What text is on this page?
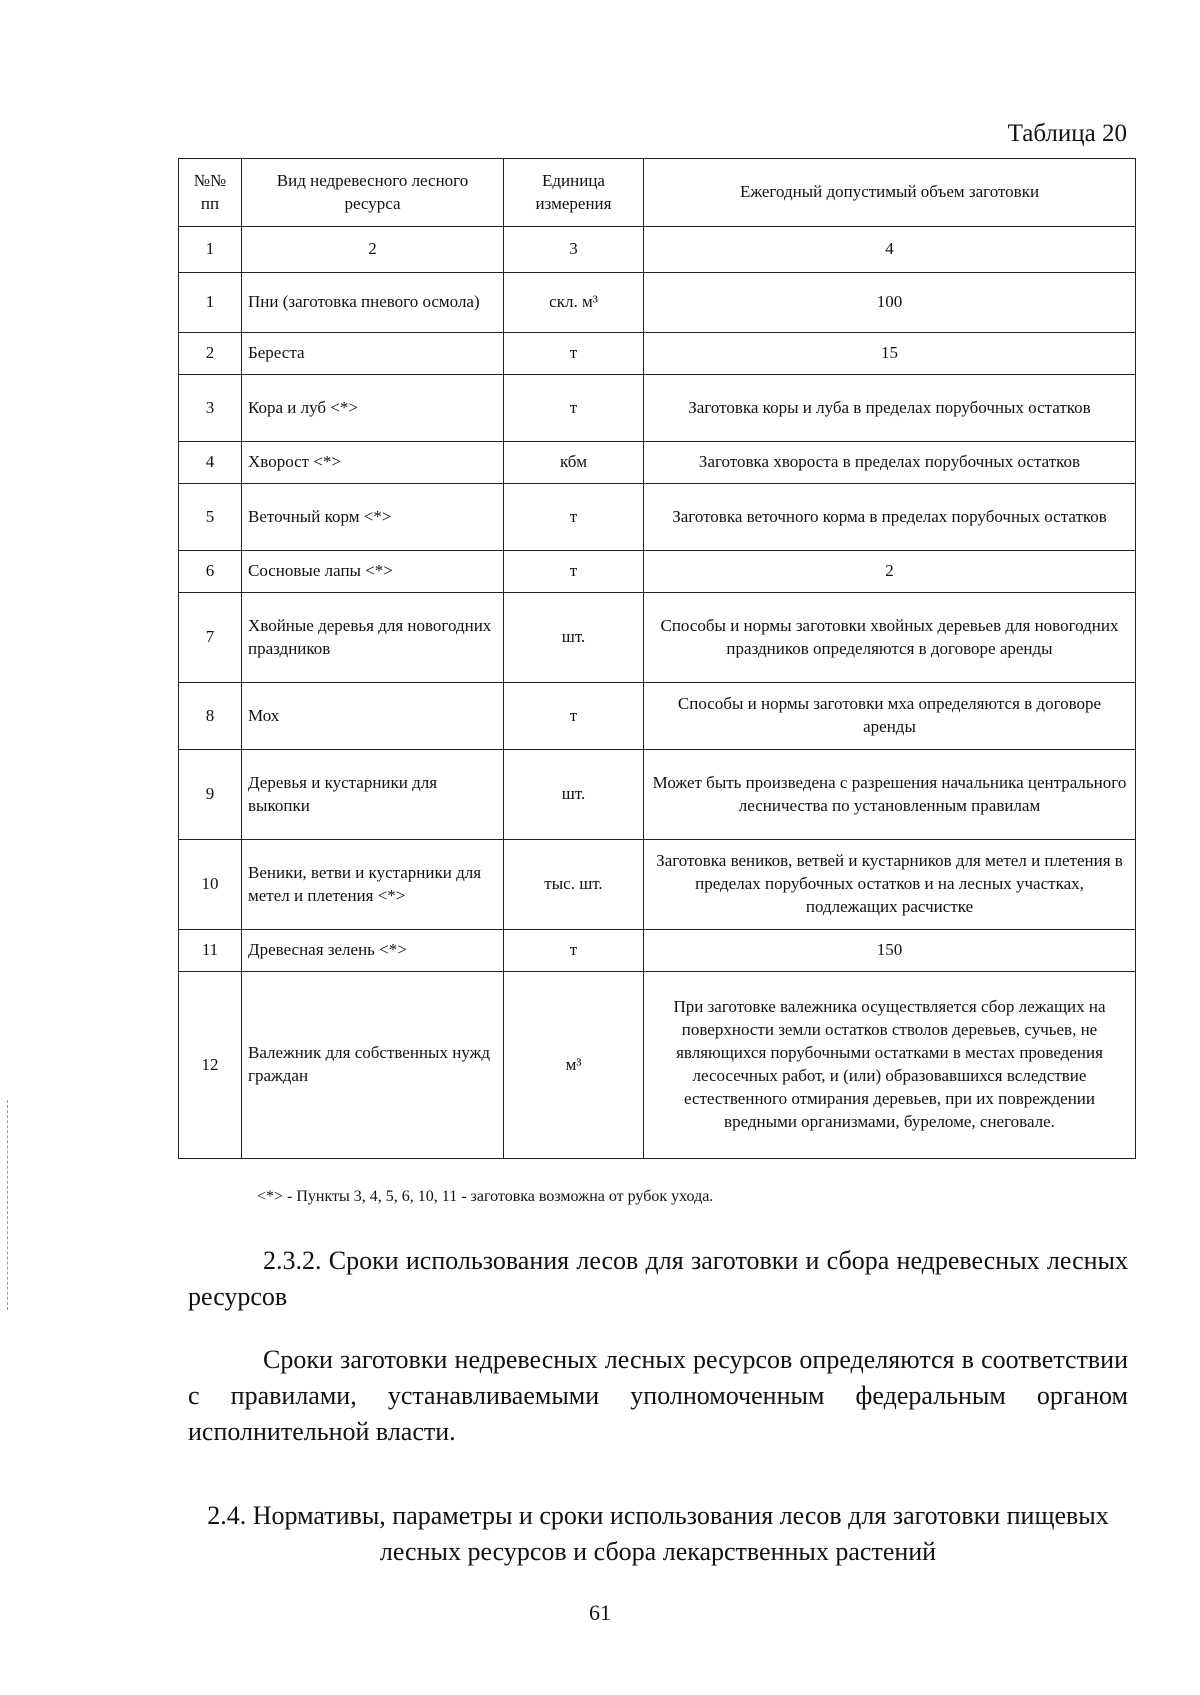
Таблица 20
№№ пп	Вид недревесного лесного ресурса	Единица измерения	Ежегодный допустимый объем заготовки
1	2	3	4
1	Пни (заготовка пневого осмола)	скл. м³	100
2	Береста	т	15
3	Кора и луб <*>	т	Заготовка коры и луба в пределах порубочных остатков
4	Хворост <*>	кбм	Заготовка хвороста в пределах порубочных остатков
5	Веточный корм <*>	т	Заготовка веточного корма в пределах порубочных остатков
6	Сосновые лапы <*>	т	2
7	Хвойные деревья для новогодних праздников	шт.	Способы и нормы заготовки хвойных деревьев для новогодних праздников определяются в договоре аренды
8	Мох	т	Способы и нормы заготовки мха определяются в договоре аренды
9	Деревья и кустарники для выкопки	шт.	Может быть произведена с разрешения начальника центрального лесничества по установленным правилам
10	Веники, ветви и кустарники для метел и плетения <*>	тыс. шт.	Заготовка веников, ветвей и кустарников для метел и плетения в пределах порубочных остатков и на лесных участках, подлежащих расчистке
11	Древесная зелень <*>	т	150
12	Валежник для собственных нужд граждан	м³	При заготовке валежника осуществляется сбор лежащих на поверхности земли остатков стволов деревьев, сучьев, не являющихся порубочными остатками в местах проведения лесосечных работ, и (или) образовавшихся вследствие естественного отмирания деревьев, при их повреждении вредными организмами, буреломе, снеговале.
<*> - Пункты 3, 4, 5, 6, 10, 11 - заготовка возможна от рубок ухода.
2.3.2. Сроки использования лесов для заготовки и сбора недревесных лесных ресурсов
Сроки заготовки недревесных лесных ресурсов определяются в соответствии с правилами, устанавливаемыми уполномоченным федеральным органом исполнительной власти.
2.4. Нормативы, параметры и сроки использования лесов для заготовки пищевых лесных ресурсов и сбора лекарственных растений
61
